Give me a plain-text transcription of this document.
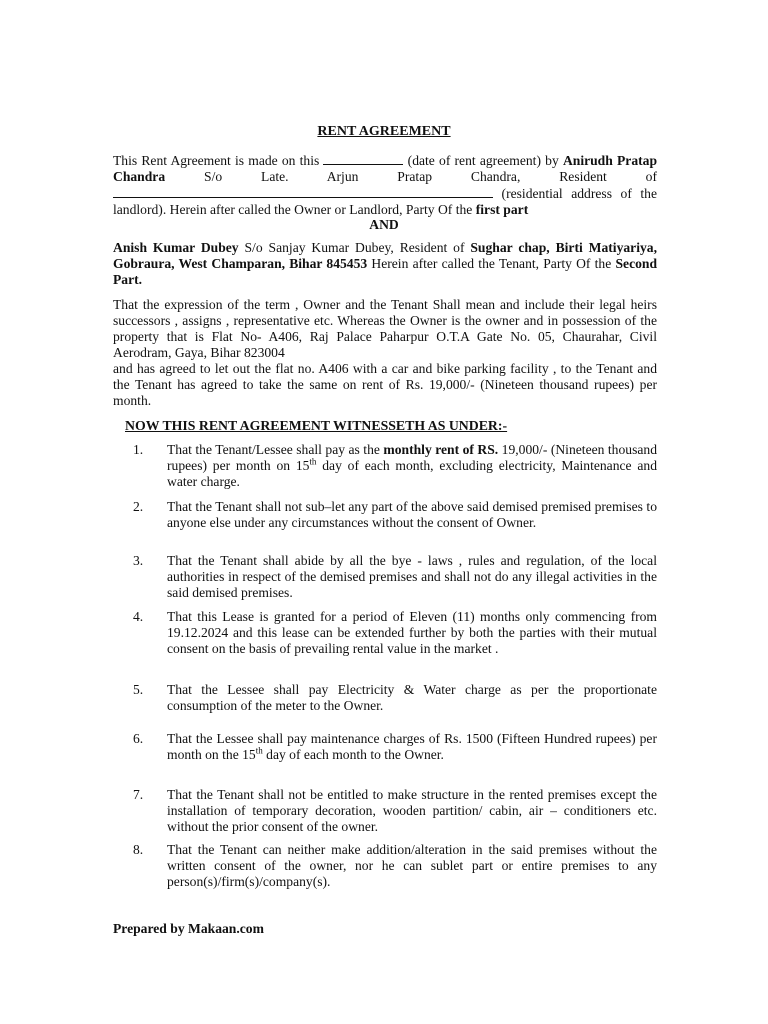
RENT AGREEMENT
This Rent Agreement is made on this	(date of rent agreement) by Anirudh Pratap Chandra	S/o Late. Arjun Pratap Chandra, Resident of  (residential address of the landlord). Herein after called the Owner or Landlord, Party Of the first part
AND
Anish Kumar Dubey S/o Sanjay Kumar Dubey, Resident of Sughar chap, Birti Matiyariya, Gobraura, West Champaran, Bihar 845453 Herein after called the Tenant, Party Of the Second Part.
That the expression of the term , Owner and the Tenant Shall mean and include their legal heirs successors , assigns , representative etc. Whereas the Owner is the owner and in possession of the property that is Flat No- A406, Raj Palace Paharpur O.T.A Gate No. 05, Chaurahar, Civil Aerodram, Gaya, Bihar 823004
and has agreed to let out the flat no. A406 with a car and bike parking facility , to the Tenant and the Tenant has agreed to take the same on rent of Rs. 19,000/- (Nineteen thousand rupees) per month.
NOW THIS RENT AGREEMENT WITNESSETH AS UNDER:-
1.	That the Tenant/Lessee shall pay as the monthly rent of RS. 19,000/- (Nineteen thousand rupees) per month on 15th day of each month, excluding electricity, Maintenance and water charge.
2.	That the Tenant shall not sub–let any part of the above said demised premised premises to anyone else under any circumstances without the consent of Owner.
3.	That the Tenant shall abide by all the bye - laws , rules and regulation, of the local authorities in respect of the demised premises and shall not do any illegal activities in the said demised premises.
4.	That this Lease is granted for a period of Eleven (11) months only commencing from 19.12.2024 and this lease can be extended further by both the parties with their mutual consent on the basis of prevailing rental value in the market .
5.	That the Lessee shall pay Electricity & Water charge as per the proportionate consumption of the meter to the Owner.
6.	That the Lessee shall pay maintenance charges of Rs. 1500 (Fifteen Hundred rupees) per month on the 15th day of each month to the Owner.
7.	That the Tenant shall not be entitled to make structure in the rented premises except the installation of temporary decoration, wooden partition/ cabin, air – conditioners etc. without the prior consent of the owner.
8.	That the Tenant can neither make addition/alteration in the said premises without the written consent of the owner, nor he can sublet part or entire premises to any person(s)/firm(s)/company(s).
Prepared by Makaan.com
